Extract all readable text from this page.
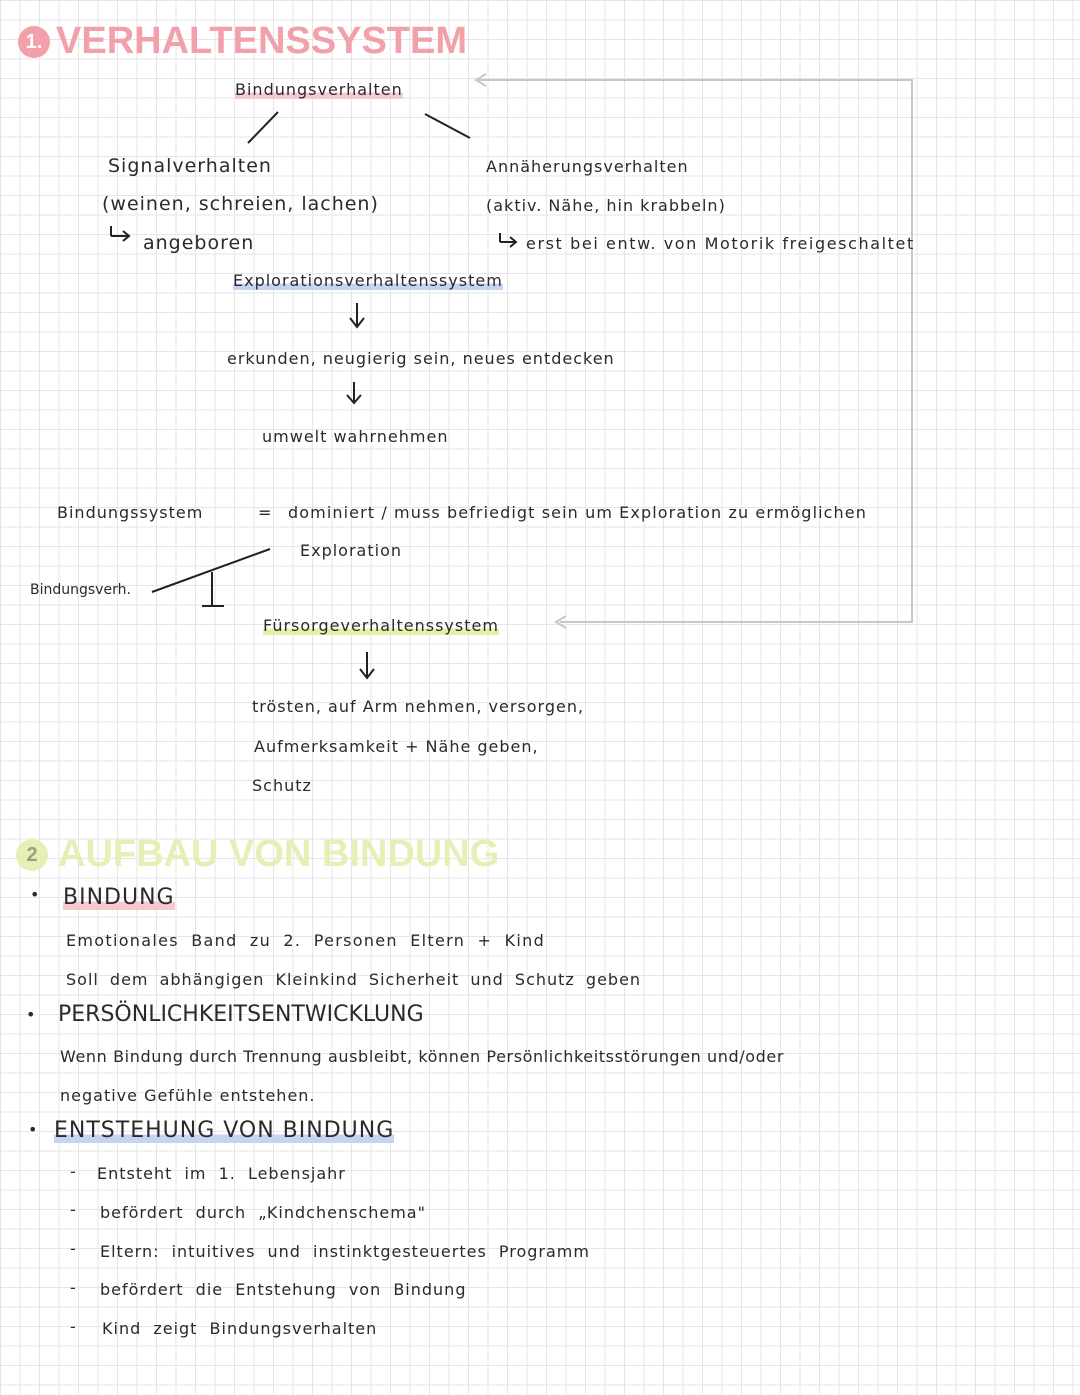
1. VERHALTENSSYSTEM
Bindungsverhalten
Signalverhalten
(weinen, schreien, lachen)
angeboren
Annäherungsverhalten
(aktiv. Nähe, hin krabbeln)
erst bei entw. von Motorik freigeschaltet
Explorationsverhaltenssystem
erkunden, neugierig sein, neues entdecken
umwelt wahrnehmen
Bindungssystem	= dominiert / muss befriedigt sein um Exploration zu ermöglichen
Exploration
Bindungsverh.
Fürsorgeverhaltenssystem
trösten, auf Arm nehmen, versorgen,
Aufmerksamkeit + Nähe geben,
Schutz
2 AUFBAU VON BINDUNG
• BINDUNG
Emotionales Band zu 2. Personen Eltern + Kind
Soll dem abhängigen Kleinkind Sicherheit und Schutz geben
• PERSÖNLICHKEITSENTWICKLUNG
Wenn Bindung durch Trennung ausbleibt, können Persönlichkeitsstörungen und/oder
negative Gefühle entstehen.
• ENTSTEHUNG VON BINDUNG
- Entsteht im 1. Lebensjahr
- befördert durch „Kindchenschema"
- Eltern: intuitives und instinktgesteuertes Programm
- befördert die Entstehung von Bindung
- Kind zeigt Bindungsverhalten
